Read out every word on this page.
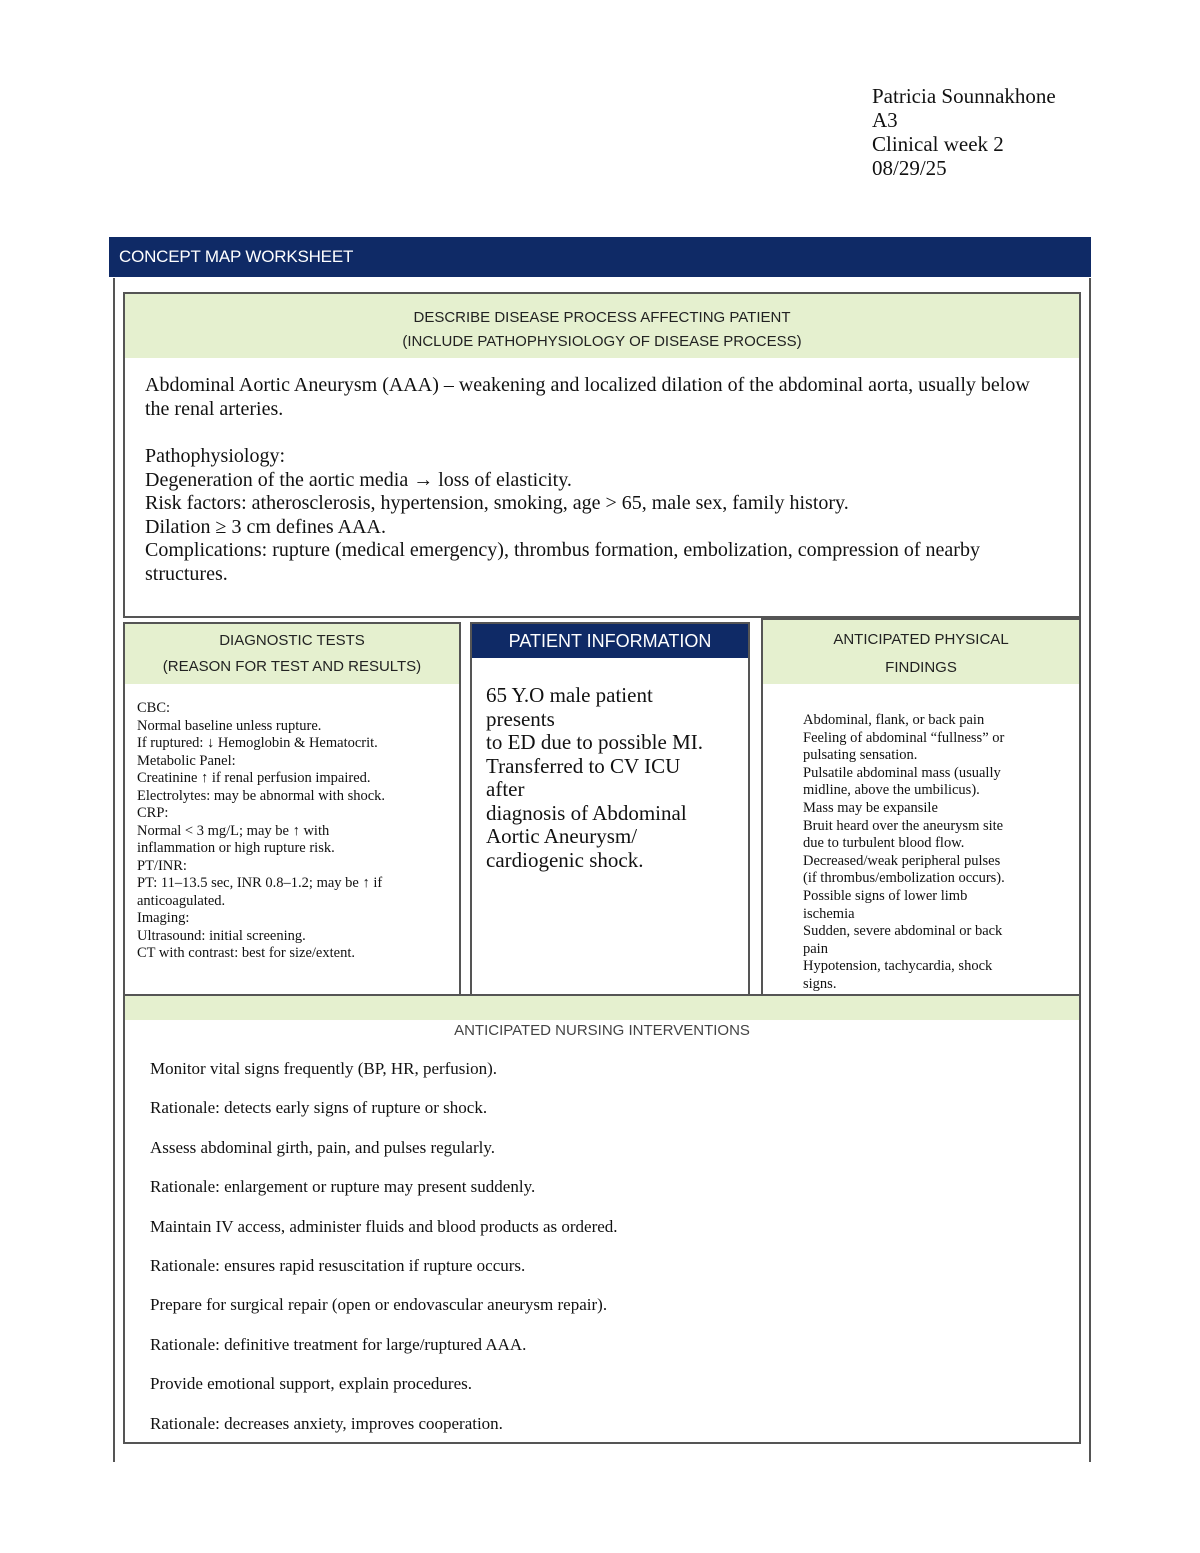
Patricia Sounnakhone
A3
Clinical week 2
08/29/25
CONCEPT MAP WORKSHEET
DESCRIBE DISEASE PROCESS AFFECTING PATIENT
(INCLUDE PATHOPHYSIOLOGY OF DISEASE PROCESS)

Abdominal Aortic Aneurysm (AAA) – weakening and localized dilation of the abdominal aorta, usually below the renal arteries.

Pathophysiology:

Degeneration of the aortic media → loss of elasticity.

Risk factors: atherosclerosis, hypertension, smoking, age > 65, male sex, family history.

Dilation ≥ 3 cm defines AAA.

Complications: rupture (medical emergency), thrombus formation, embolization, compression of nearby structures.

DIAGNOSTIC TESTS
(REASON FOR TEST AND RESULTS)
CBC:
Normal baseline unless rupture.
If ruptured: ↓ Hemoglobin & Hematocrit.
Metabolic Panel:
Creatinine ↑ if renal perfusion impaired.
Electrolytes: may be abnormal with shock.
CRP:
Normal < 3 mg/L; may be ↑ with
inflammation or high rupture risk.
PT/INR:
PT: 11–13.5 sec, INR 0.8–1.2; may be ↑ if
anticoagulated.
Imaging:
Ultrasound: initial screening.
CT with contrast: best for size/extent.
PATIENT INFORMATION
65 Y.O male patient
presents
to ED due to possible MI.
Transferred to CV ICU
after
diagnosis of Abdominal
Aortic Aneurysm/
cardiogenic shock.
ANTICIPATED PHYSICAL
FINDINGS
Abdominal, flank, or back pain
Feeling of abdominal “fullness” or
pulsating sensation.
Pulsatile abdominal mass (usually
midline, above the umbilicus).
Mass may be expansile
Bruit heard over the aneurysm site
due to turbulent blood flow.
Decreased/weak peripheral pulses
(if thrombus/embolization occurs).
Possible signs of lower limb
ischemia
Sudden, severe abdominal or back
pain
Hypotension, tachycardia, shock
signs.
ANTICIPATED NURSING INTERVENTIONS
Monitor vital signs frequently (BP, HR, perfusion).
Rationale: detects early signs of rupture or shock.
Assess abdominal girth, pain, and pulses regularly.
Rationale: enlargement or rupture may present suddenly.
Maintain IV access, administer fluids and blood products as ordered.
Rationale: ensures rapid resuscitation if rupture occurs.
Prepare for surgical repair (open or endovascular aneurysm repair).
Rationale: definitive treatment for large/ruptured AAA.
Provide emotional support, explain procedures.
Rationale: decreases anxiety, improves cooperation.
